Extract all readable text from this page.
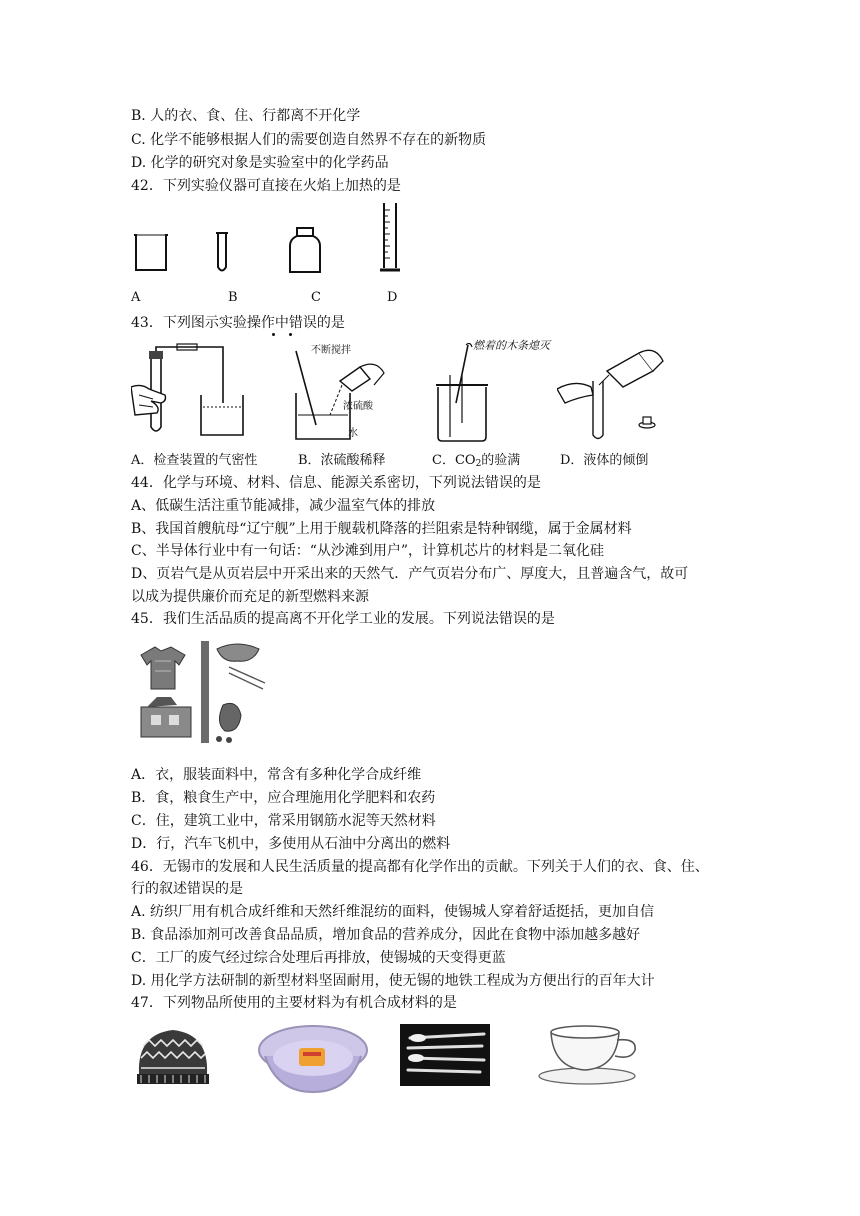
B. 人的衣、食、住、行都离不开化学
C. 化学不能够根据人们的需要创造自然界不存在的新物质
D. 化学的研究对象是实验室中的化学药品
42．下列实验仪器可直接在火焰上加热的是
A	B	C	D
43．下列图示实验操作中错误的是
不断搅拌
浓硫酸
水
燃着的木条熄灭
A．检查装置的气密性	B．浓硫酸稀释	C．$CO_2$的验满	D．液体的倾倒
44．化学与环境、材料、信息、能源关系密切，下列说法错误的是
A、低碳生活注重节能减排，减少温室气体的排放
B、我国首艘航母“辽宁舰”上用于舰载机降落的拦阻索是特种钢缆，属于金属材料
C、半导体行业中有一句话：“从沙滩到用户”，计算机芯片的材料是二氧化硅
D、页岩气是从页岩层中开采出来的天然气．产气页岩分布广、厚度大，且普遍含气，故可
以成为提供廉价而充足的新型燃料来源
45．我们生活品质的提高离不开化学工业的发展。下列说法错误的是
A．衣，服装面料中，常含有多种化学合成纤维
B．食，粮食生产中，应合理施用化学肥料和农药
C．住，建筑工业中，常采用钢筋水泥等天然材料
D．行，汽车飞机中，多使用从石油中分离出的燃料
46．无锡市的发展和人民生活质量的提高都有化学作出的贡献。下列关于人们的衣、食、住、
行的叙述错误的是
A. 纺织厂用有机合成纤维和天然纤维混纺的面料，使锡城人穿着舒适挺括，更加自信
B. 食品添加剂可改善食品品质，增加食品的营养成分，因此在食物中添加越多越好
C．工厂的废气经过综合处理后再排放，使锡城的天变得更蓝
D. 用化学方法研制的新型材料坚固耐用，使无锡的地铁工程成为方便出行的百年大计
47．下列物品所使用的主要材料为有机合成材料的是
